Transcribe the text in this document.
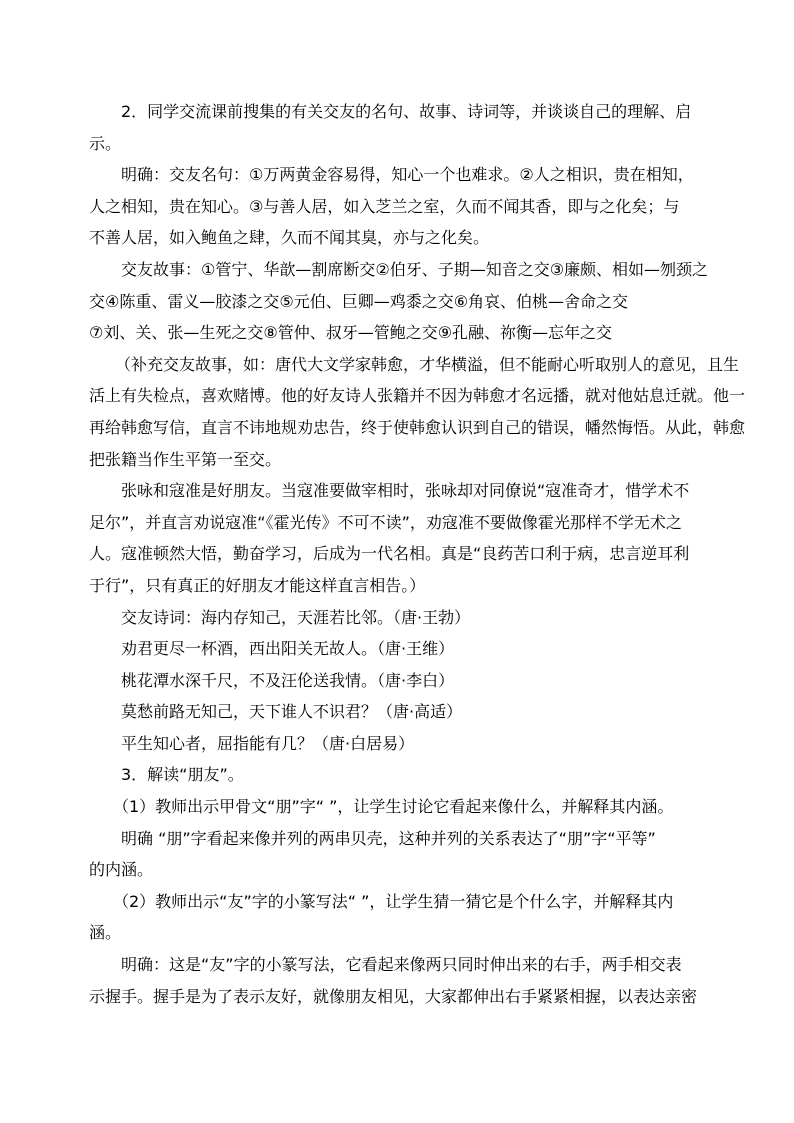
2．同学交流课前搜集的有关交友的名句、故事、诗词等，并谈谈自己的理解、启示。

明确：交友名句：①万两黄金容易得，知心一个也难求。②人之相识，贵在相知，
人之相知，贵在知心。③与善人居，如入芝兰之室，久而不闻其香，即与之化矣；与
不善人居，如入鲍鱼之肆，久而不闻其臭，亦与之化矣。
交友故事：①管宁、华歆—割席断交②伯牙、子期—知音之交③廉颇、相如—刎颈之
交④陈重、雷义—胶漆之交⑤元伯、巨卿—鸡黍之交⑥角哀、伯桃—舍命之交
⑦刘、关、张—生死之交⑧管仲、叔牙—管鲍之交⑨孔融、祢衡—忘年之交
（补充交友故事，如：唐代大文学家韩愈，才华横溢，但不能耐心听取别人的意见，且生
活上有失检点，喜欢赌博。他的好友诗人张籍并不因为韩愈才名远播，就对他姑息迁就。他一
再给韩愈写信，直言不讳地规劝忠告，终于使韩愈认识到自己的错误，幡然悔悟。从此，韩愈
把张籍当作生平第一至交。
张咏和寇准是好朋友。当寇准要做宰相时，张咏却对同僚说“寇准奇才，惜学术不
足尔”，并直言劝说寇准“《霍光传》不可不读”，劝寇准不要做像霍光那样不学无术之
人。寇准顿然大悟，勤奋学习，后成为一代名相。真是“良药苦口利于病，忠言逆耳利
于行”，只有真正的好朋友才能这样直言相告。）
交友诗词：海内存知己，天涯若比邻。（唐·王勃）
劝君更尽一杯酒，西出阳关无故人。（唐·王维）
桃花潭水深千尺，不及汪伦送我情。（唐·李白）
莫愁前路无知己，天下谁人不识君？（唐·高适）
平生知心者，屈指能有几？（唐·白居易）
3．解读“朋友”。
（1）教师出示甲骨文“朋”字“ ”，让学生讨论它看起来像什么，并解释其内涵。
明确 “朋”字看起来像并列的两串贝壳，这种并列的关系表达了“朋”字“平等”
的内涵。
（2）教师出示“友”字的小篆写法“ ”，让学生猜一猜它是个什么字，并解释其内
涵。
明确：这是“友”字的小篆写法，它看起来像两只同时伸出来的右手，两手相交表
示握手。握手是为了表示友好，就像朋友相见，大家都伸出右手紧紧相握，以表达亲密
